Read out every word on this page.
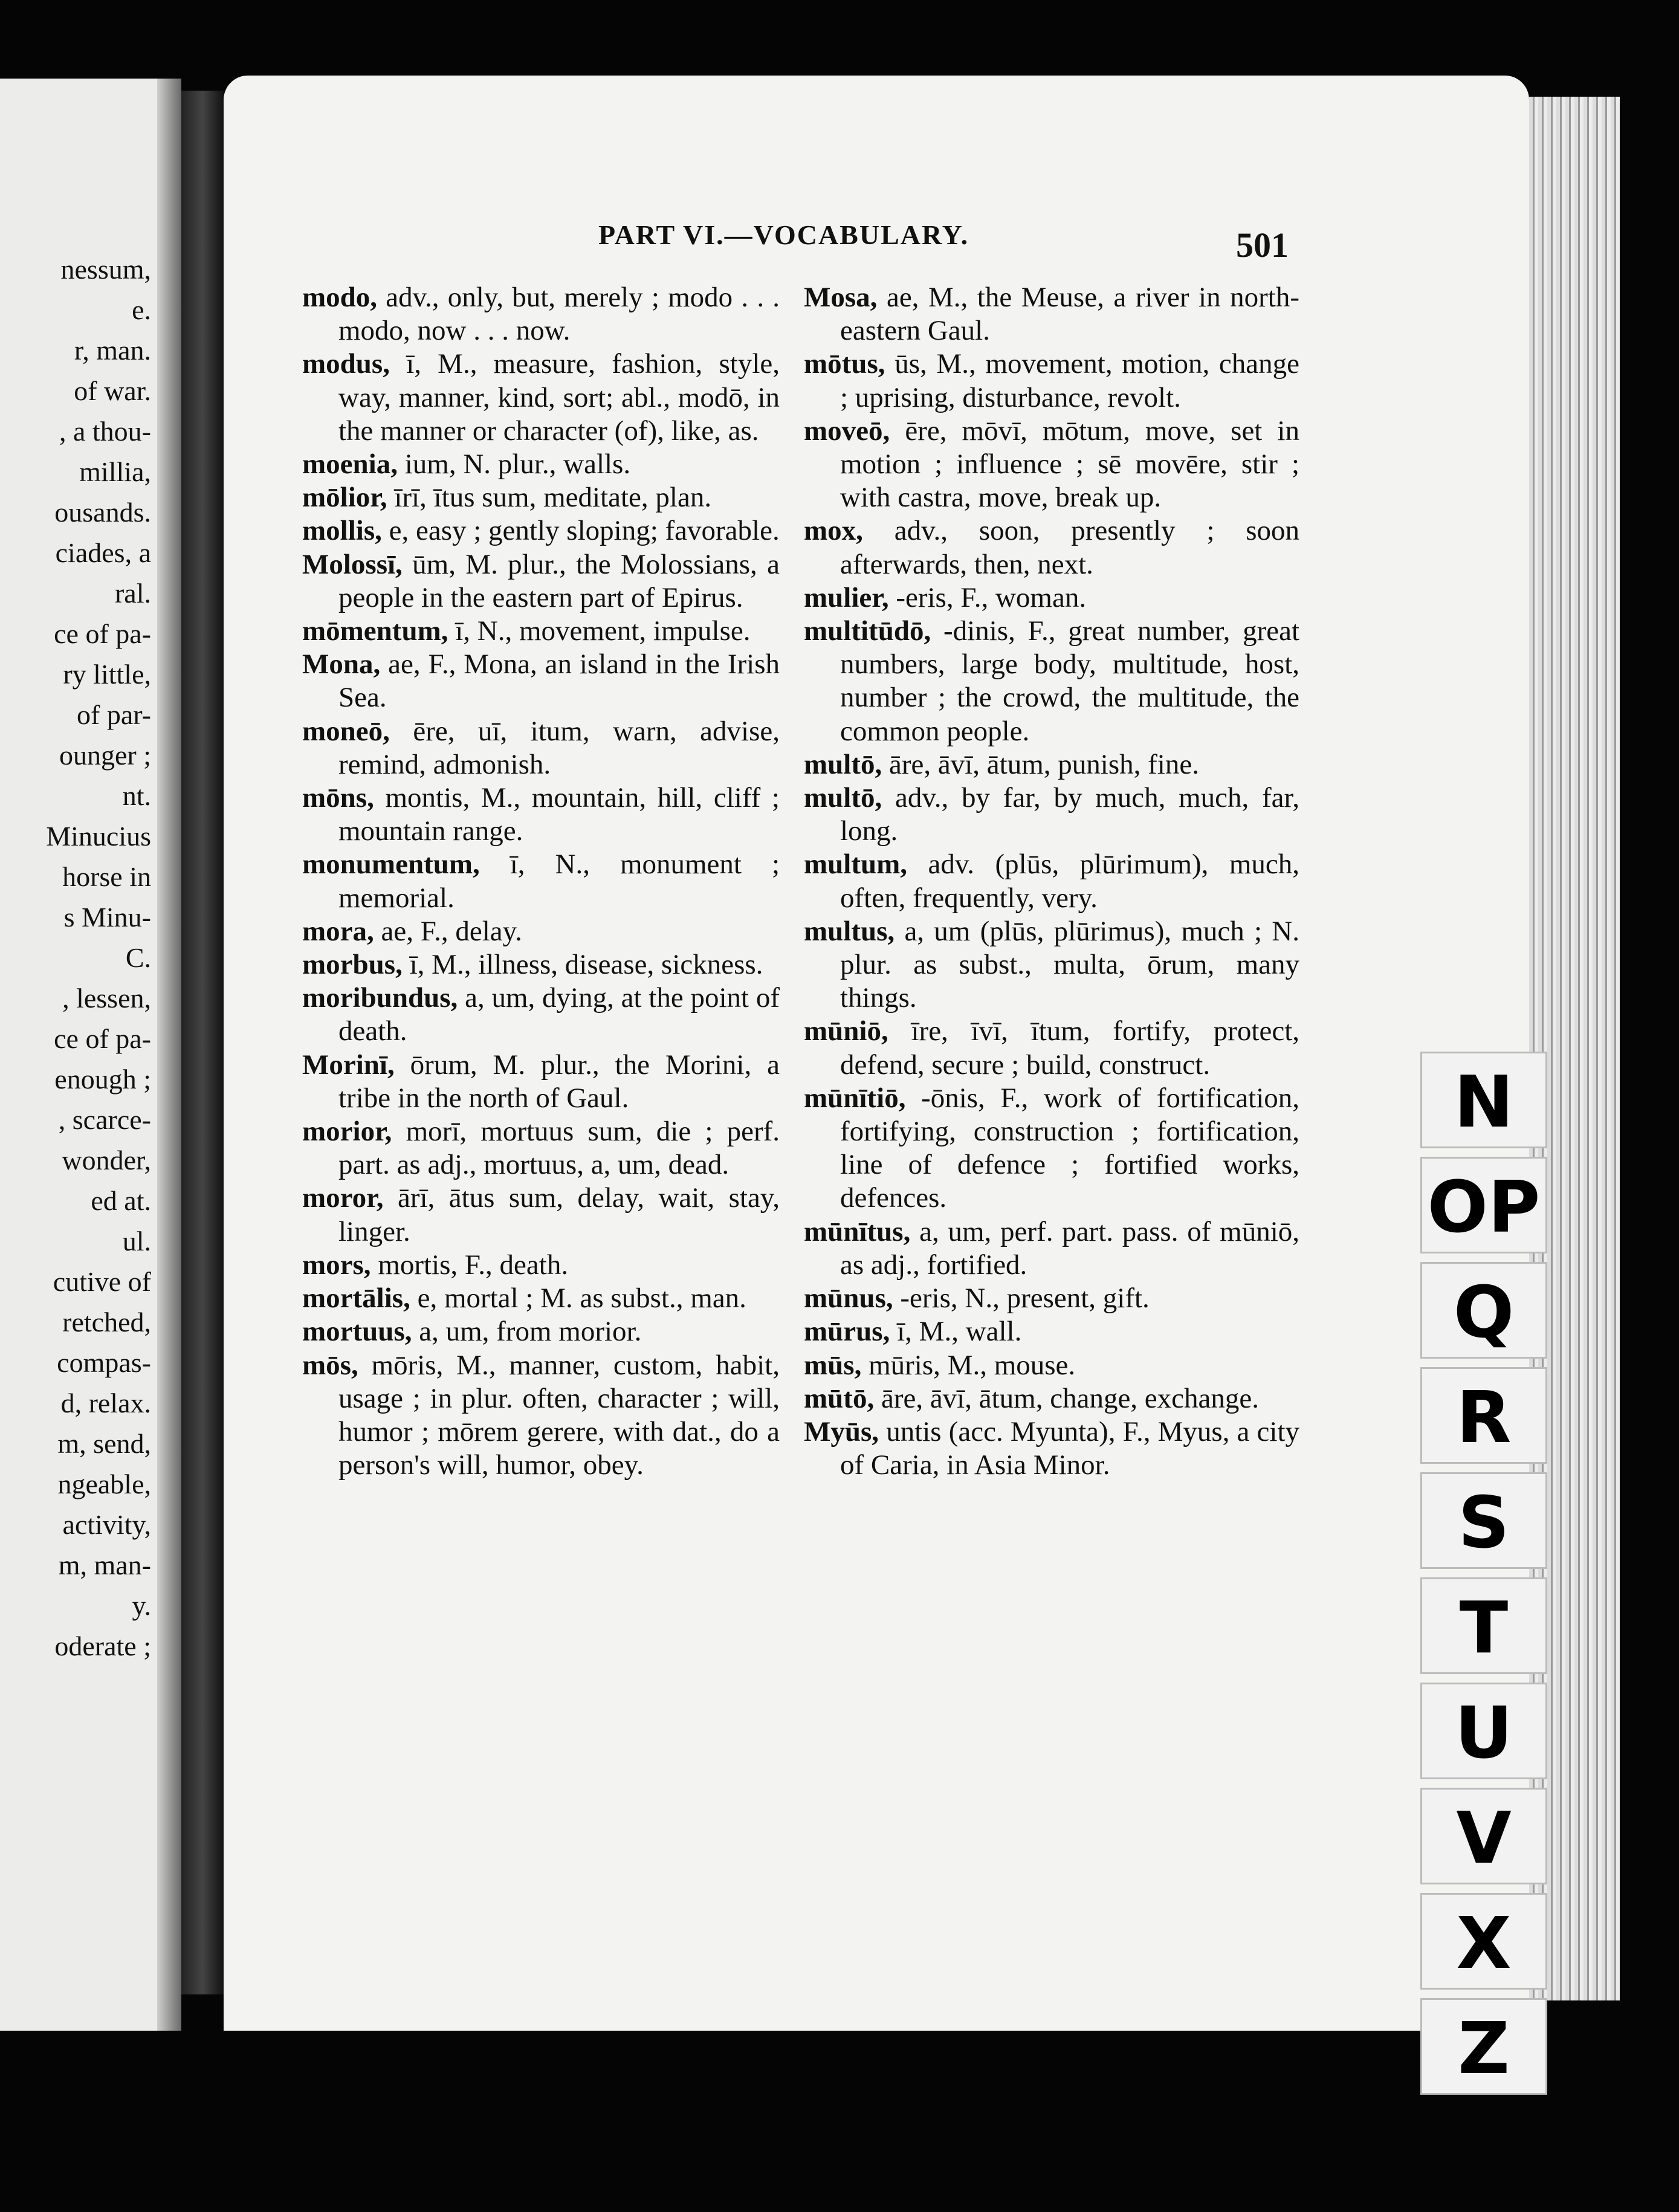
nessum,
e.
r, man.
of war.
, a thou-
millia,
ousands.
ciades, a
ral.
ce of pa-
ry little,
of par-
ounger ;
nt.
Minucius
horse in
s Minu-
C.
, lessen,
ce of pa-
enough ;
, scarce-
wonder,
ed at.
ul.
cutive of
retched,
compas-
d, relax.
m, send,
ngeable,
activity,
m, man-
y.
oderate ;
PART VI.—VOCABULARY.	501

modo, adv., only, but, merely ; modo . . . modo, now . . . now.

modus, ī, M., measure, fashion, style, way, manner, kind, sort; abl., modō, in the manner or character (of), like, as.

moenia, ium, N. plur., walls.

mōlior, īrī, ītus sum, meditate, plan.

mollis, e, easy ; gently sloping; favorable.

Molossī, ūm, M. plur., the Molossians, a people in the eastern part of Epirus.

mōmentum, ī, N., movement, impulse.

Mona, ae, F., Mona, an island in the Irish Sea.

moneō, ēre, uī, itum, warn, advise, remind, admonish.

mōns, montis, M., mountain, hill, cliff ; mountain range.

monumentum, ī, N., monument ; memorial.

mora, ae, F., delay.

morbus, ī, M., illness, disease, sickness.

moribundus, a, um, dying, at the point of death.

Morinī, ōrum, M. plur., the Morini, a tribe in the north of Gaul.

morior, morī, mortuus sum, die ; perf. part. as adj., mortuus, a, um, dead.

moror, ārī, ātus sum, delay, wait, stay, linger.

mors, mortis, F., death.

mortālis, e, mortal ; M. as subst., man.

mortuus, a, um, from morior.

mōs, mōris, M., manner, custom, habit, usage ; in plur. often, character ; will, humor ; mōrem gerere, with dat., do a person's will, humor, obey.

Mosa, ae, M., the Meuse, a river in north-eastern Gaul.

mōtus, ūs, M., movement, motion, change ; uprising, disturbance, revolt.

moveō, ēre, mōvī, mōtum, move, set in motion ; influence ; sē movēre, stir ; with castra, move, break up.

mox, adv., soon, presently ; soon afterwards, then, next.

mulier, -eris, F., woman.

multitūdō, -dinis, F., great number, great numbers, large body, multitude, host, number ; the crowd, the multitude, the common people.

multō, āre, āvī, ātum, punish, fine.

multō, adv., by far, by much, much, far, long.

multum, adv. (plūs, plūrimum), much, often, frequently, very.

multus, a, um (plūs, plūrimus), much ; N. plur. as subst., multa, ōrum, many things.

mūniō, īre, īvī, ītum, fortify, protect, defend, secure ; build, construct.

mūnītiō, -ōnis, F., work of fortification, fortifying, construction ; fortification, line of defence ; fortified works, defences.

mūnītus, a, um, perf. part. pass. of mūniō, as adj., fortified.

mūnus, -eris, N., present, gift.

mūrus, ī, M., wall.

mūs, mūris, M., mouse.

mūtō, āre, āvī, ātum, change, exchange.

Myūs, untis (acc. Myunta), F., Myus, a city of Caria, in Asia Minor.

N
OP
Q
R
S
T
U
V
X
Z
